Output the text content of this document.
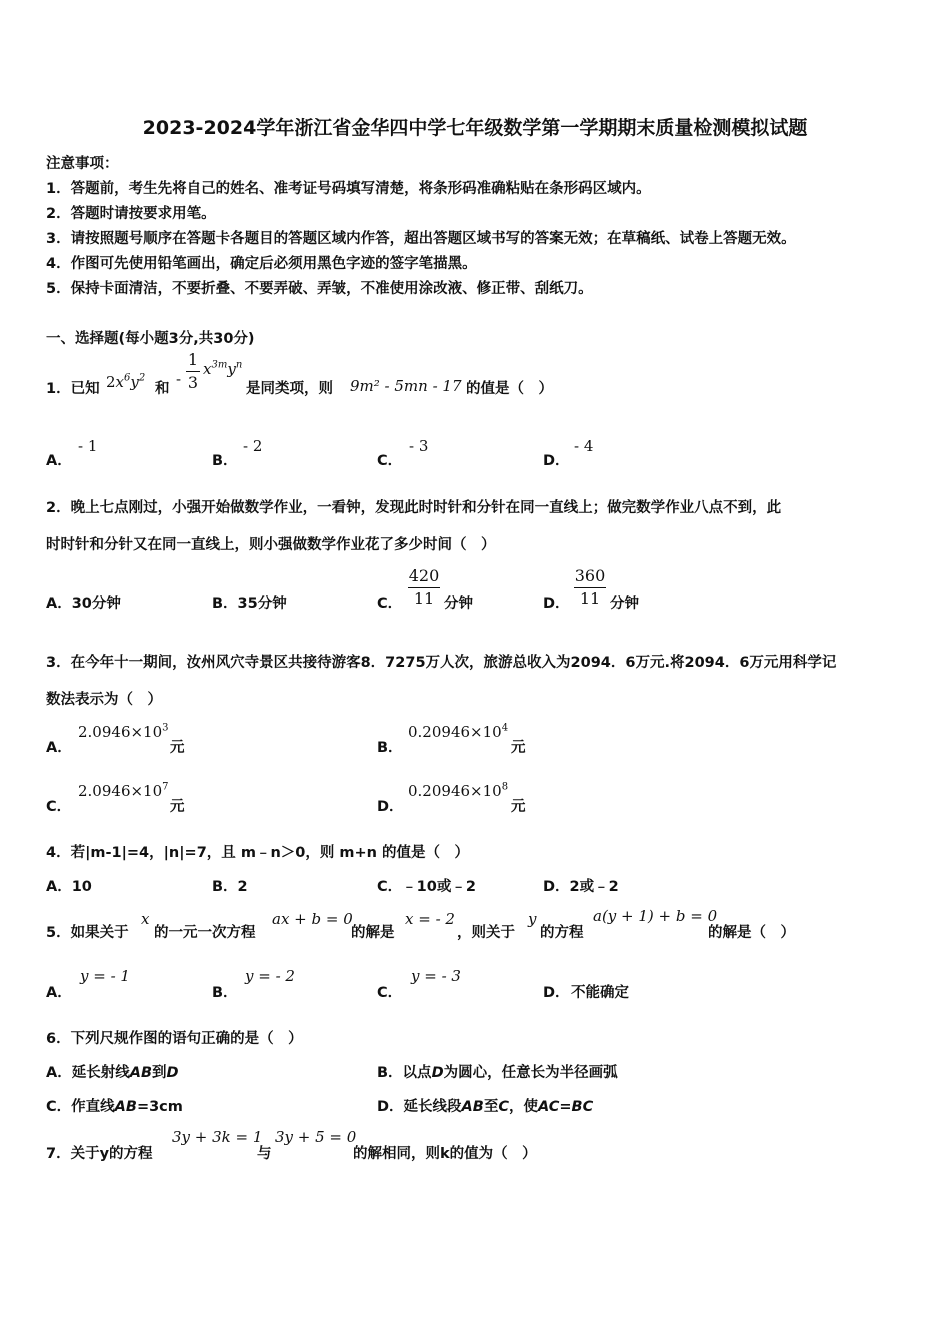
2023-2024学年浙江省金华四中学七年级数学第一学期期末质量检测模拟试题
注意事项：
1．答题前，考生先将自己的姓名、准考证号码填写清楚，将条形码准确粘贴在条形码区域内。
2．答题时请按要求用笔。
3．请按照题号顺序在答题卡各题目的答题区域内作答，超出答题区域书写的答案无效；在草稿纸、试卷上答题无效。
4．作图可先使用铅笔画出，确定后必须用黑色字迹的签字笔描黑。
5．保持卡面清洁，不要折叠、不要弄破、弄皱，不准使用涂改液、修正带、刮纸刀。
一、选择题(每小题3分,共30分)
1．已知 $2x^6y^2$
和
-
1
3
$x^{3m}y^n$
是同类项，则 9m² - 5mn - 17 的值是（　）
A．
- 1
B．
- 2
C．
- 3
D．
- 4
2．晚上七点刚过，小强开始做数学作业，一看钟，发现此时时针和分针在同一直线上；做完数学作业八点不到，此
时时针和分针又在同一直线上，则小强做数学作业花了多少时间（　）
A．30分钟	B．35分钟	C．
420
11 分钟	D．
360
11 分钟
3．在今年十一期间，汝州风穴寺景区共接待游客8．7275万人次，旅游总收入为2094．6万元.将2094．6万元用科学记
数法表示为（　）
A．
$2.0946\times 10^3$
元	B．
$0.20946\times 10^4$
元
C．
$2.0946\times 10^7$
元	D．
$0.20946\times 10^8$
元
4．若|m-1|=4，|n|=7，且 m﹣n＞0，则 m+n 的值是（　）
A．10	B．2	C．﹣10或﹣2	D．2或﹣2
5．如果关于
x
的一元一次方程
ax + b = 0
的解是
x = - 2
，则关于
y
的方程
a(y + 1) + b = 0
的解是（　）
A．
y = - 1
B．
y = - 2
C．
y = - 3
D． 不能确定
6．下列尺规作图的语句正确的是（　）
A．延长射线AB到D	B．以点D为圆心，任意长为半径画弧
C．作直线AB=3cm	D．延长线段AB至C，使AC=BC
7．关于y的方程
3y + 3k = 1
与
3y + 5 = 0
的解相同，则k的值为（　）
